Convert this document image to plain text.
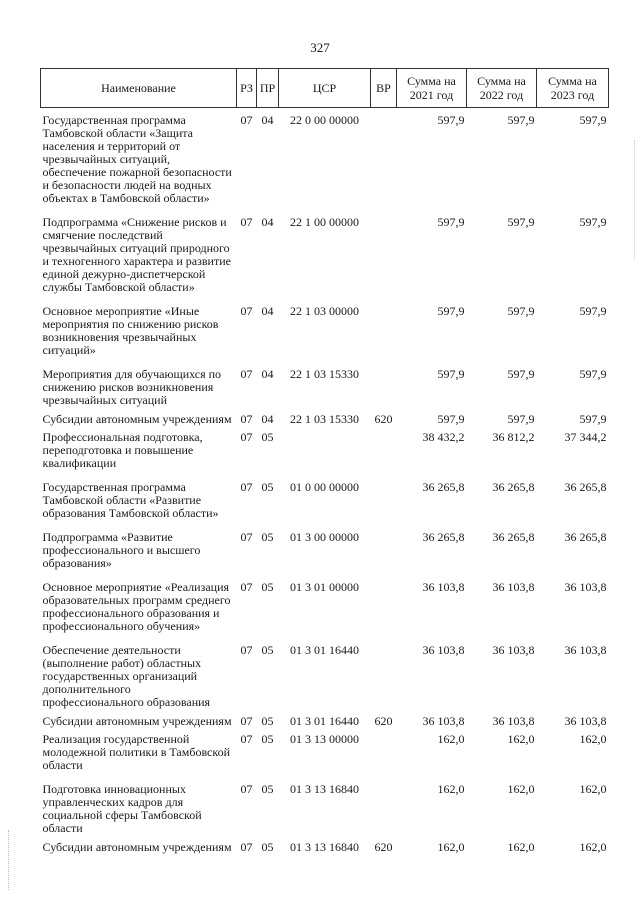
327
Наименование	РЗ	ПР	ЦСР	ВР	Сумма на 2021 год	Сумма на 2022 год	Сумма на 2023 год
Государственная программа Тамбовской области «Защита населения и территорий от чрезвычайных ситуаций, обеспечение пожарной безопасности и безопасности людей на водных объектах в Тамбовской области»	07	04	22 0 00 00000		597,9	597,9	597,9
Подпрограмма «Снижение рисков и смягчение последствий чрезвычайных ситуаций природного и техногенного характера и развитие единой дежурно-диспетчерской службы Тамбовской области»	07	04	22 1 00 00000		597,9	597,9	597,9
Основное мероприятие «Иные мероприятия по снижению рисков возникновения чрезвычайных ситуаций»	07	04	22 1 03 00000		597,9	597,9	597,9
Мероприятия для обучающихся по снижению рисков возникновения чрезвычайных ситуаций	07	04	22 1 03 15330		597,9	597,9	597,9
Субсидии автономным учреждениям	07	04	22 1 03 15330	620	597,9	597,9	597,9
Профессиональная подготовка, переподготовка и повышение квалификации	07	05			38 432,2	36 812,2	37 344,2
Государственная программа Тамбовской области «Развитие образования Тамбовской области»	07	05	01 0 00 00000		36 265,8	36 265,8	36 265,8
Подпрограмма «Развитие профессионального и высшего образования»	07	05	01 3 00 00000		36 265,8	36 265,8	36 265,8
Основное мероприятие «Реализация образовательных программ среднего профессионального образования и профессионального обучения»	07	05	01 3 01 00000		36 103,8	36 103,8	36 103,8
Обеспечение деятельности (выполнение работ) областных государственных организаций дополнительного профессионального образования	07	05	01 3 01 16440		36 103,8	36 103,8	36 103,8
Субсидии автономным учреждениям	07	05	01 3 01 16440	620	36 103,8	36 103,8	36 103,8
Реализация государственной молодежной политики в Тамбовской области	07	05	01 3 13 00000		162,0	162,0	162,0
Подготовка инновационных управленческих кадров для социальной сферы Тамбовской области	07	05	01 3 13 16840		162,0	162,0	162,0
Субсидии автономным учреждениям	07	05	01 3 13 16840	620	162,0	162,0	162,0
